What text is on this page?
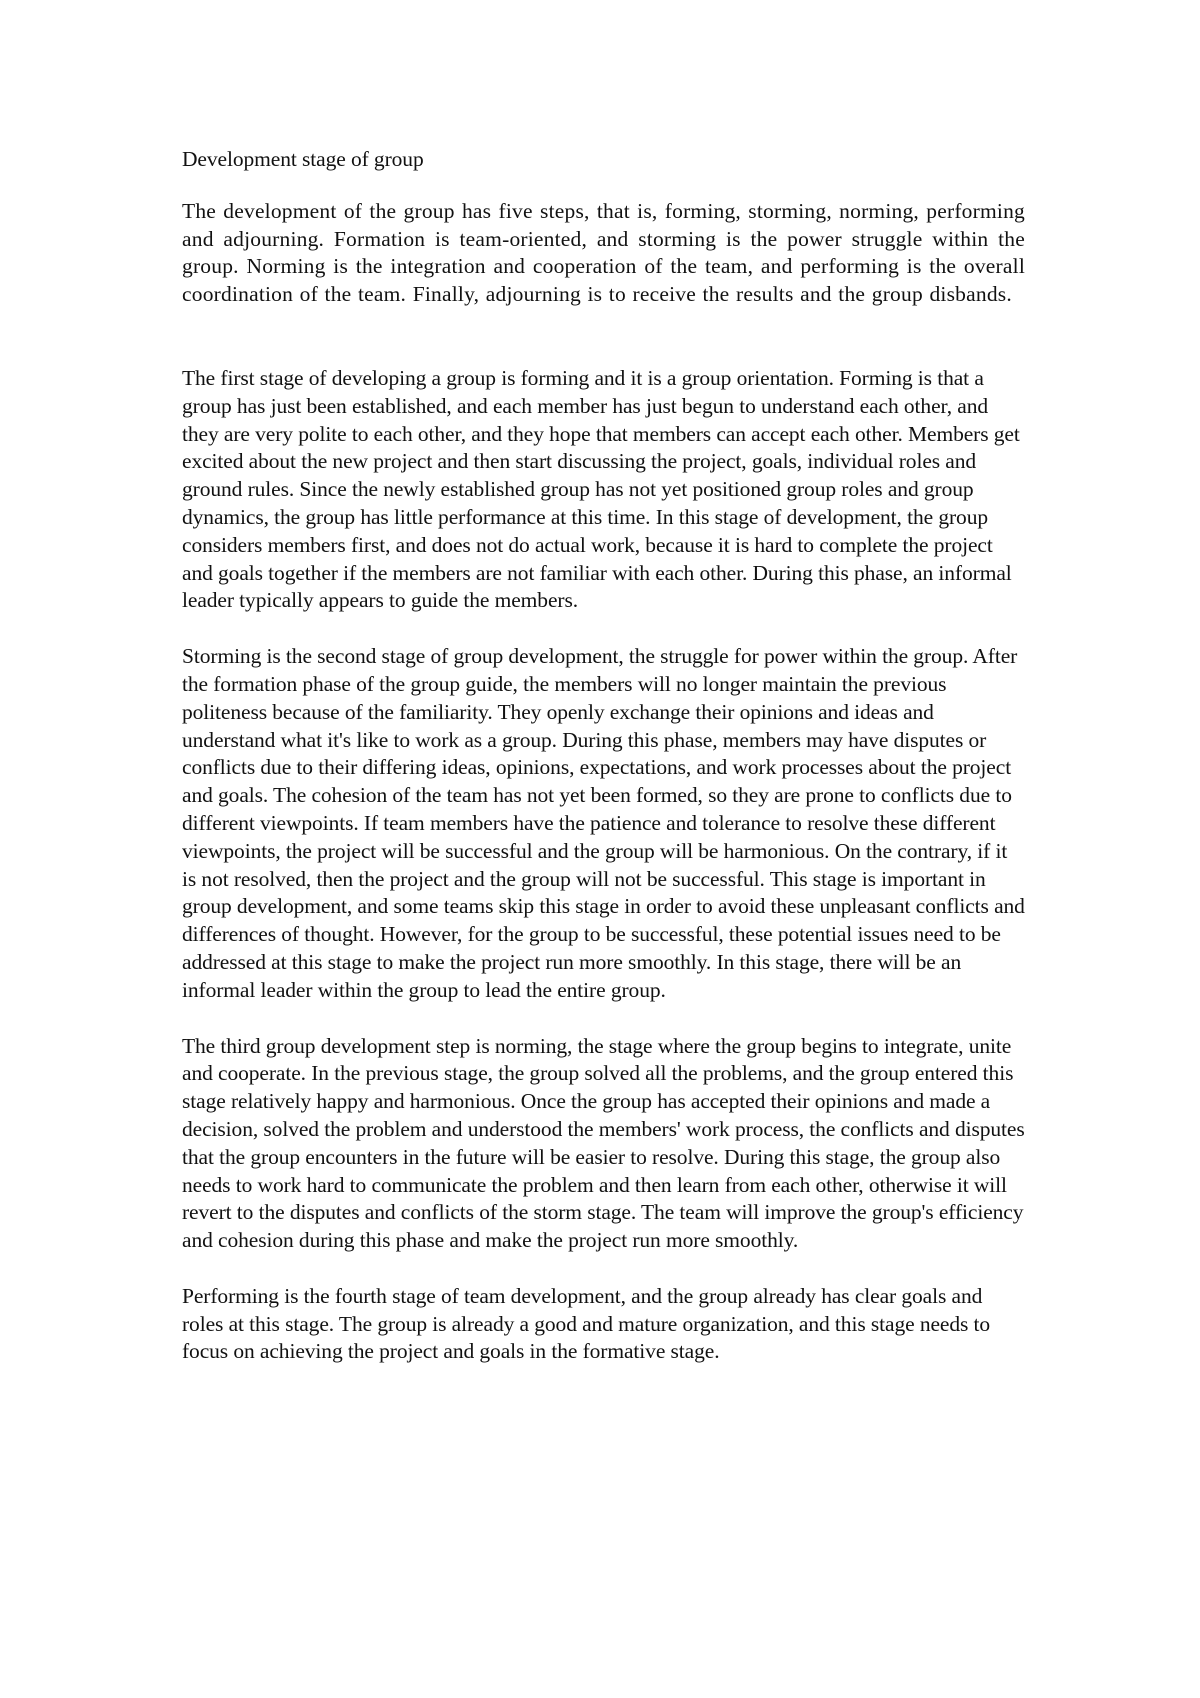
Development stage of group

The development of the group has five steps, that is, forming, storming, norming, performing and adjourning. Formation is team-oriented, and storming is the power struggle within the group. Norming is the integration and cooperation of the team, and performing is the overall coordination of the team. Finally, adjourning is to receive the results and the group disbands.

The first stage of developing a group is forming and it is a group orientation. Forming is that a group has just been established, and each member has just begun to understand each other, and they are very polite to each other, and they hope that members can accept each other. Members get excited about the new project and then start discussing the project, goals, individual roles and ground rules. Since the newly established group has not yet positioned group roles and group dynamics, the group has little performance at this time. In this stage of development, the group considers members first, and does not do actual work, because it is hard to complete the project and goals together if the members are not familiar with each other. During this phase, an informal leader typically appears to guide the members.

Storming is the second stage of group development, the struggle for power within the group. After the formation phase of the group guide, the members will no longer maintain the previous politeness because of the familiarity. They openly exchange their opinions and ideas and understand what it's like to work as a group. During this phase, members may have disputes or conflicts due to their differing ideas, opinions, expectations, and work processes about the project and goals. The cohesion of the team has not yet been formed, so they are prone to conflicts due to different viewpoints. If team members have the patience and tolerance to resolve these different viewpoints, the project will be successful and the group will be harmonious. On the contrary, if it is not resolved, then the project and the group will not be successful. This stage is important in group development, and some teams skip this stage in order to avoid these unpleasant conflicts and differences of thought. However, for the group to be successful, these potential issues need to be addressed at this stage to make the project run more smoothly. In this stage, there will be an informal leader within the group to lead the entire group.

The third group development step is norming, the stage where the group begins to integrate, unite and cooperate. In the previous stage, the group solved all the problems, and the group entered this stage relatively happy and harmonious. Once the group has accepted their opinions and made a decision, solved the problem and understood the members' work process, the conflicts and disputes that the group encounters in the future will be easier to resolve. During this stage, the group also needs to work hard to communicate the problem and then learn from each other, otherwise it will revert to the disputes and conflicts of the storm stage. The team will improve the group's efficiency and cohesion during this phase and make the project run more smoothly.

Performing is the fourth stage of team development, and the group already has clear goals and roles at this stage. The group is already a good and mature organization, and this stage needs to focus on achieving the project and goals in the formative stage.
